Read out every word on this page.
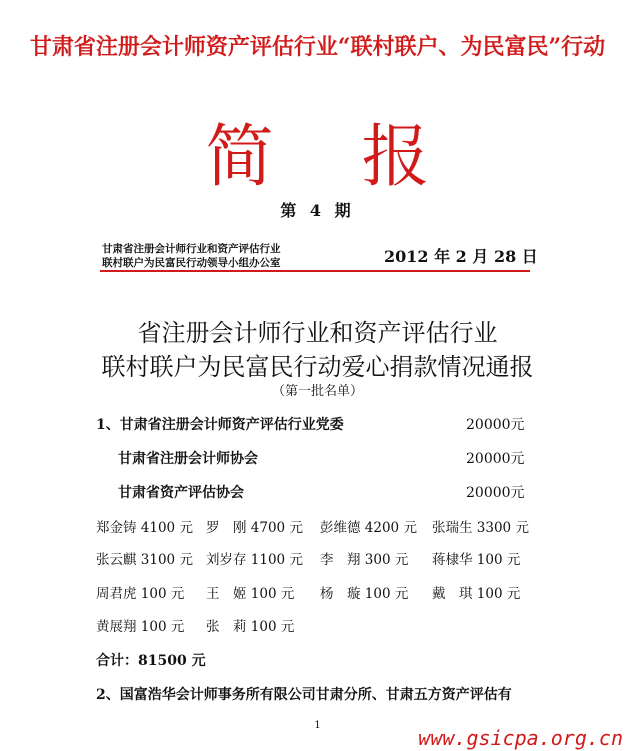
甘肃省注册会计师资产评估行业“联村联户、为民富民”行动
简报
第 4 期
甘肃省注册会计师行业和资产评估行业
联村联户为民富民行动领导小组办公室	2012 年 2 月 28 日
省注册会计师行业和资产评估行业
联村联户为民富民行动爱心捐款情况通报
（第一批名单）
1、甘肃省注册会计师资产评估行业党委	20000元
甘肃省注册会计师协会	20000元
甘肃省资产评估协会	20000元
郑金铸 4100 元 罗　刚 4700 元 彭维德 4200 元 张瑞生 3300 元
张云麒 3100 元 刘岁存 1100 元 李　翔 300 元 蒋棣华 100 元
周君虎 100 元 王　姬 100 元 杨　璇 100 元 戴　琪 100 元
黄展翔 100 元 张　莉 100 元
合计：81500 元
2、国富浩华会计师事务所有限公司甘肃分所、甘肃五方资产评估有
1
www.gsicpa.org.cn
